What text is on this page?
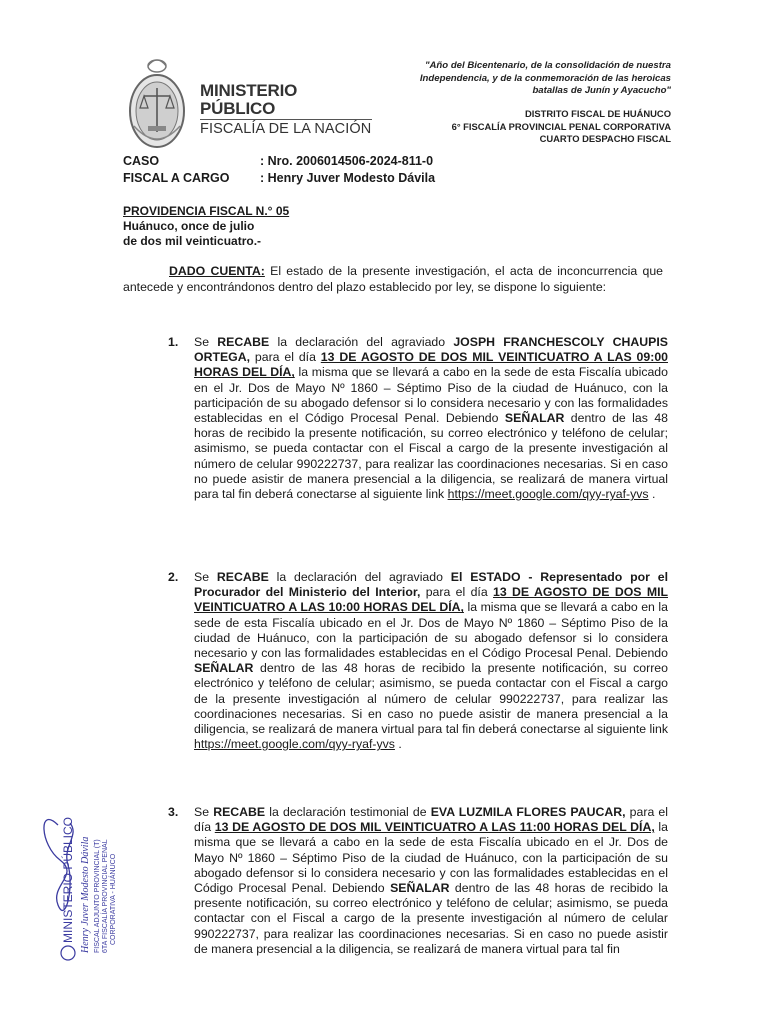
MINISTERIO PÚBLICO
FISCALÍA DE LA NACIÓN
"Año del Bicentenario, de la consolidación de nuestra
Independencia, y de la conmemoración de las heroicas
batallas de Junín y Ayacucho"
DISTRITO FISCAL DE HUÁNUCO
6° FISCALÍA PROVINCIAL PENAL CORPORATIVA
CUARTO DESPACHO FISCAL
CASO	: Nro. 2006014506-2024-811-0
FISCAL A CARGO	: Henry Juver Modesto Dávila
PROVIDENCIA FISCAL N.° 05
Huánuco, once de julio
de dos mil veinticuatro.-
DADO CUENTA: El estado de la presente investigación, el acta de inconcurrencia que antecede y encontrándonos dentro del plazo establecido por ley, se dispone lo siguiente:
1. Se RECABE la declaración del agraviado JOSPH FRANCHESCOLY CHAUPIS ORTEGA, para el día 13 DE AGOSTO DE DOS MIL VEINTICUATRO A LAS 09:00 HORAS DEL DÍA, la misma que se llevará a cabo en la sede de esta Fiscalía ubicado en el Jr. Dos de Mayo Nº 1860 – Séptimo Piso de la ciudad de Huánuco, con la participación de su abogado defensor si lo considera necesario y con las formalidades establecidas en el Código Procesal Penal. Debiendo SEÑALAR dentro de las 48 horas de recibido la presente notificación, su correo electrónico y teléfono de celular; asimismo, se pueda contactar con el Fiscal a cargo de la presente investigación al número de celular 990222737, para realizar las coordinaciones necesarias. Si en caso no puede asistir de manera presencial a la diligencia, se realizará de manera virtual para tal fin deberá conectarse al siguiente link https://meet.google.com/qyy-ryaf-yvs .
2. Se RECABE la declaración del agraviado El ESTADO - Representado por el Procurador del Ministerio del Interior, para el día 13 DE AGOSTO DE DOS MIL VEINTICUATRO A LAS 10:00 HORAS DEL DÍA, la misma que se llevará a cabo en la sede de esta Fiscalía ubicado en el Jr. Dos de Mayo Nº 1860 – Séptimo Piso de la ciudad de Huánuco, con la participación de su abogado defensor si lo considera necesario y con las formalidades establecidas en el Código Procesal Penal. Debiendo SEÑALAR dentro de las 48 horas de recibido la presente notificación, su correo electrónico y teléfono de celular; asimismo, se pueda contactar con el Fiscal a cargo de la presente investigación al número de celular 990222737, para realizar las coordinaciones necesarias. Si en caso no puede asistir de manera presencial a la diligencia, se realizará de manera virtual para tal fin deberá conectarse al siguiente link https://meet.google.com/qyy-ryaf-yvs .
3. Se RECABE la declaración testimonial de EVA LUZMILA FLORES PAUCAR, para el día 13 DE AGOSTO DE DOS MIL VEINTICUATRO A LAS 11:00 HORAS DEL DÍA, la misma que se llevará a cabo en la sede de esta Fiscalía ubicado en el Jr. Dos de Mayo Nº 1860 – Séptimo Piso de la ciudad de Huánuco, con la participación de su abogado defensor si lo considera necesario y con las formalidades establecidas en el Código Procesal Penal. Debiendo SEÑALAR dentro de las 48 horas de recibido la presente notificación, su correo electrónico y teléfono de celular; asimismo, se pueda contactar con el Fiscal a cargo de la presente investigación al número de celular 990222737, para realizar las coordinaciones necesarias. Si en caso no puede asistir de manera presencial a la diligencia, se realizará de manera virtual para tal fin
MINISTERIO PÚBLICO Henry Juver Modesto Dávila FISCAL ADJUNTO PROVINCIAL (T) 6TA FISCALÍA PROVINCIAL PENAL CORPORATIVA - HUÁNUCO
